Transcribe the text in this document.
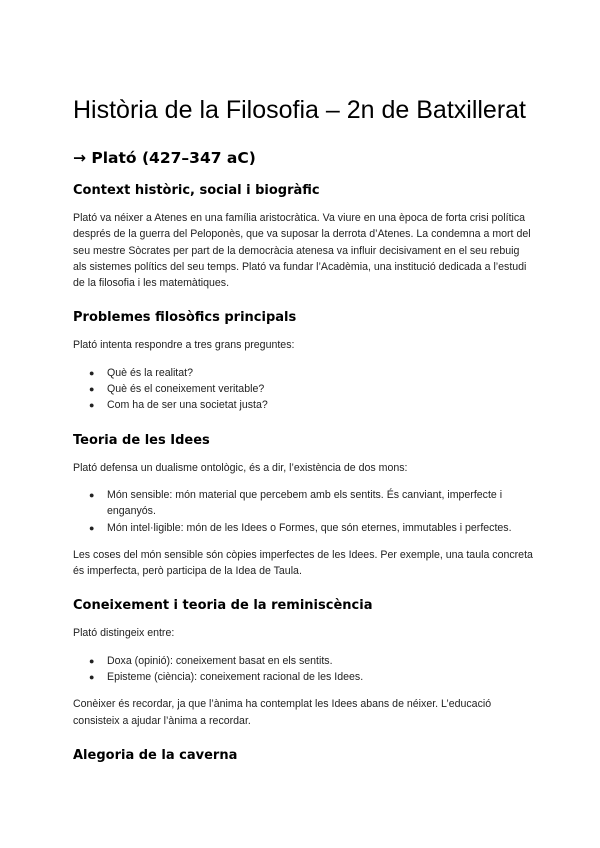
Història de la Filosofia – 2n de Batxillerat
→ Plató (427–347 aC)
Context històric, social i biogràfic

Plató va néixer a Atenes en una família aristocràtica. Va viure en una època de forta crisi política després de la guerra del Peloponès, que va suposar la derrota d’Atenes. La condemna a mort del seu mestre Sòcrates per part de la democràcia atenesa va influir decisivament en el seu rebuig als sistemes polítics del seu temps. Plató va fundar l’Acadèmia, una institució dedicada a l’estudi de la filosofia i les matemàtiques.

Problemes filosòfics principals

Plató intenta respondre a tres grans preguntes:

● Què és la realitat?
● Què és el coneixement veritable?
● Com ha de ser una societat justa?
Teoria de les Idees

Plató defensa un dualisme ontològic, és a dir, l’existència de dos mons:

● Món sensible: món material que percebem amb els sentits. És canviant, imperfecte i enganyós.
● Món intel·ligible: món de les Idees o Formes, que són eternes, immutables i perfectes.

Les coses del món sensible són còpies imperfectes de les Idees. Per exemple, una taula concreta és imperfecta, però participa de la Idea de Taula.

Coneixement i teoria de la reminiscència

Plató distingeix entre:

● Doxa (opinió): coneixement basat en els sentits.
● Episteme (ciència): coneixement racional de les Idees.

Conèixer és recordar, ja que l’ànima ha contemplat les Idees abans de néixer. L’educació consisteix a ajudar l’ànima a recordar.

Alegoria de la caverna
